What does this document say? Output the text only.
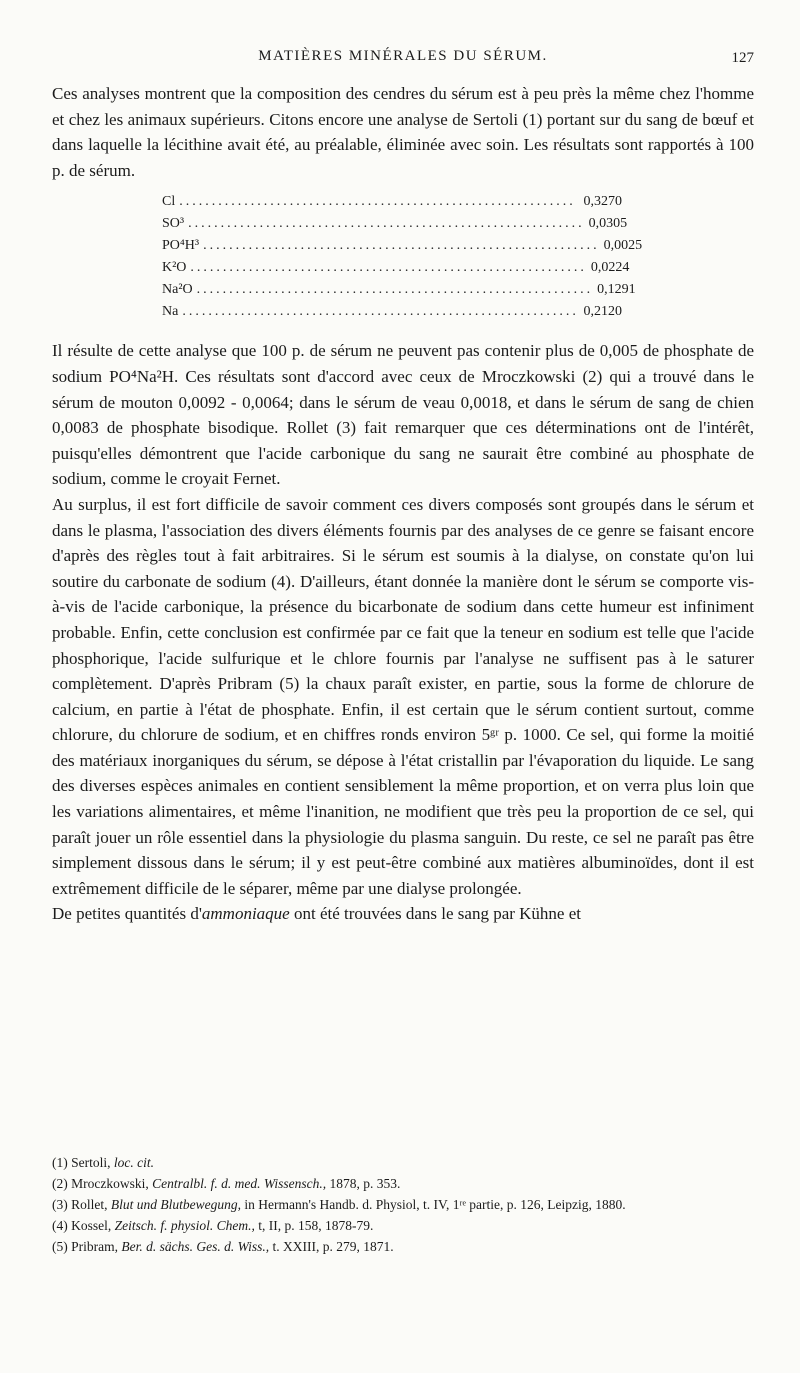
MATIÈRES MINÉRALES DU SÉRUM.	127

Ces analyses montrent que la composition des cendres du sérum est à peu près la même chez l'homme et chez les animaux supérieurs. Citons encore une analyse de Sertoli (1) portant sur du sang de bœuf et dans laquelle la lécithine avait été, au préalable, éliminée avec soin. Les résultats sont rapportés à 100 p. de sérum.

Cl ............................................................. 0,3270
SO³ ............................................................. 0,0305
PO⁴H³ ............................................................. 0,0025
K²O ............................................................. 0,0224
Na²O ............................................................. 0,1291
Na ............................................................. 0,2120

Il résulte de cette analyse que 100 p. de sérum ne peuvent pas contenir plus de 0,005 de phosphate de sodium PO⁴Na²H. Ces résultats sont d'accord avec ceux de Mroczkowski (2) qui a trouvé dans le sérum de mouton 0,0092 - 0,0064; dans le sérum de veau 0,0018, et dans le sérum de sang de chien 0,0083 de phosphate bisodique. Rollet (3) fait remarquer que ces déterminations ont de l'intérêt, puisqu'elles démontrent que l'acide carbonique du sang ne saurait être combiné au phosphate de sodium, comme le croyait Fernet.

Au surplus, il est fort difficile de savoir comment ces divers composés sont groupés dans le sérum et dans le plasma, l'association des divers éléments fournis par des analyses de ce genre se faisant encore d'après des règles tout à fait arbitraires. Si le sérum est soumis à la dialyse, on constate qu'on lui soutire du carbonate de sodium (4). D'ailleurs, étant donnée la manière dont le sérum se comporte vis-à-vis de l'acide carbonique, la présence du bicarbonate de sodium dans cette humeur est infiniment probable. Enfin, cette conclusion est confirmée par ce fait que la teneur en sodium est telle que l'acide phosphorique, l'acide sulfurique et le chlore fournis par l'analyse ne suffisent pas à le saturer complètement. D'après Pribram (5) la chaux paraît exister, en partie, sous la forme de chlorure de calcium, en partie à l'état de phosphate. Enfin, il est certain que le sérum contient surtout, comme chlorure, du chlorure de sodium, et en chiffres ronds environ 5ᵍʳ p. 1000. Ce sel, qui forme la moitié des matériaux inorganiques du sérum, se dépose à l'état cristallin par l'évaporation du liquide. Le sang des diverses espèces animales en contient sensiblement la même proportion, et on verra plus loin que les variations alimentaires, et même l'inanition, ne modifient que très peu la proportion de ce sel, qui paraît jouer un rôle essentiel dans la physiologie du plasma sanguin. Du reste, ce sel ne paraît pas être simplement dissous dans le sérum; il y est peut-être combiné aux matières albuminoïdes, dont il est extrêmement difficile de le séparer, même par une dialyse prolongée.

De petites quantités d'ammoniaque ont été trouvées dans le sang par Kühne et

(1) Sertoli, loc. cit.

(2) Mroczkowski, Centralbl. f. d. med. Wissensch., 1878, p. 353.

(3) Rollet, Blut und Blutbewegung, in Hermann's Handb. d. Physiol, t. IV, 1ʳᵉ partie, p. 126, Leipzig, 1880.

(4) Kossel, Zeitsch. f. physiol. Chem., t, II, p. 158, 1878-79.

(5) Pribram, Ber. d. sächs. Ges. d. Wiss., t. XXIII, p. 279, 1871.
